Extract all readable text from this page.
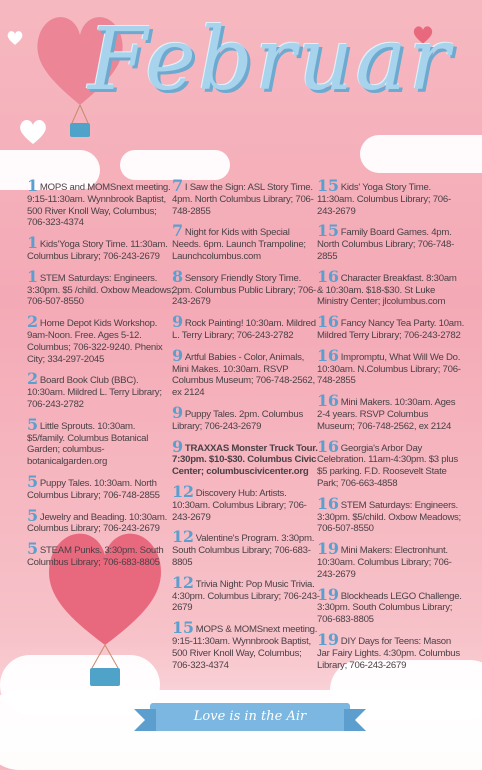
Februar
1 MOPS and MOMSnext meeting. 9:15-11:30am. Wynnbrook Baptist, 500 River Knoll Way, Columbus; 706-323-4374
1 Kids'Yoga Story Time. 11:30am. Columbus Library; 706-243-2679
1 STEM Saturdays: Engineers. 3:30pm. $5 /child. Oxbow Meadows; 706-507-8550
2 Home Depot Kids Workshop. 9am-Noon. Free. Ages 5-12. Columbus; 706-322-9240. Phenix City; 334-297-2045
2 Board Book Club (BBC). 10:30am. Mildred L. Terry Library; 706-243-2782
5 Little Sprouts. 10:30am. $5/family. Columbus Botanical Garden; columbus-botanicalgarden.org
5 Puppy Tales. 10:30am. North Columbus Library; 706-748-2855
5 Jewelry and Beading. 10:30am. Columbus Library; 706-243-2679
5 STEAM Punks. 3:30pm. South Columbus Library; 706-683-8805
7 I Saw the Sign: ASL Story Time. 4pm. North Columbus Library; 706-748-2855
7 Night for Kids with Special Needs. 6pm. Launch Trampoline; Launchcolumbus.com
8 Sensory Friendly Story Time. 2pm. Columbus Public Library; 706-243-2679
9 Rock Painting! 10:30am. Mildred L. Terry Library; 706-243-2782
9 Artful Babies - Color, Animals, Mini Makes. 10:30am. RSVP Columbus Museum; 706-748-2562, ex 2124
9 Puppy Tales. 2pm. Columbus Library; 706-243-2679
9 TRAXXAS Monster Truck Tour. 7:30pm. $10-$30. Columbus Civic Center; columbuscivicenter.org
12 Discovery Hub: Artists. 10:30am. Columbus Library; 706-243-2679
12 Valentine's Program. 3:30pm. South Columbus Library; 706-683-8805
12 Trivia Night: Pop Music Trivia. 4:30pm. Columbus Library; 706-243-2679
15 MOPS & MOMSnext meeting. 9:15-11:30am. Wynnbrook Baptist, 500 River Knoll Way, Columbus; 706-323-4374
15 Kids' Yoga Story Time. 11:30am. Columbus Library; 706-243-2679
15 Family Board Games. 4pm. North Columbus Library; 706-748-2855
16 Character Breakfast. 8:30am & 10:30am. $18-$30. St Luke Ministry Center; jlcolumbus.com
16 Fancy Nancy Tea Party. 10am. Mildred Terry Library; 706-243-2782
16 Impromptu, What Will We Do. 10:30am. N.Columbus Library; 706-748-2855
16 Mini Makers. 10:30am. Ages 2-4 years. RSVP Columbus Museum; 706-748-2562, ex 2124
16 Georgia's Arbor Day Celebration. 11am-4:30pm. $3 plus $5 parking. F.D. Roosevelt State Park; 706-663-4858
16 STEM Saturdays: Engineers. 3:30pm. $5/child. Oxbow Meadows; 706-507-8550
19 Mini Makers: Electronhunt. 10:30am. Columbus Library; 706-243-2679
19 Blockheads LEGO Challenge. 3:30pm. South Columbus Library; 706-683-8805
19 DIY Days for Teens: Mason Jar Fairy Lights. 4:30pm. Columbus Library; 706-243-2679
Love is in the Air
